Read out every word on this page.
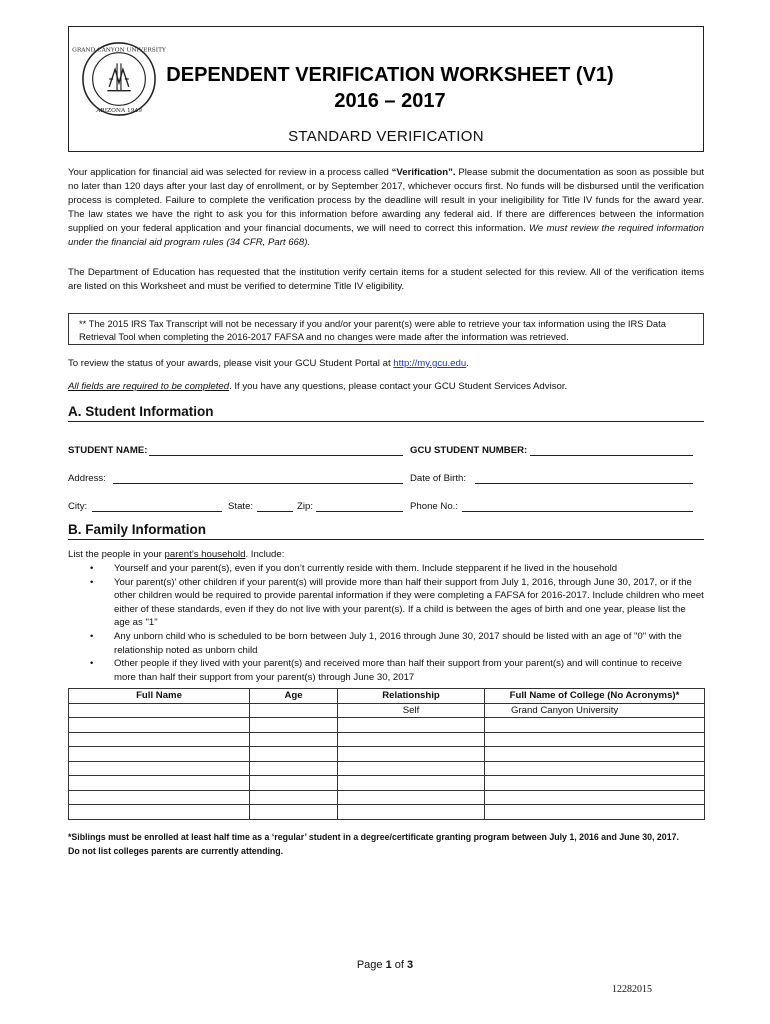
GRAND CANYON UNIVERSITY
ARIZONA 1949
DEPENDENT VERIFICATION WORKSHEET (V1)
2016 – 2017
STANDARD VERIFICATION
Your application for financial aid was selected for review in a process called “Verification”. Please submit the documentation as soon as possible but no later than 120 days after your last day of enrollment, or by September 2017, whichever occurs first. No funds will be disbursed until the verification process is completed. Failure to complete the verification process by the deadline will result in your ineligibility for Title IV funds for the award year. The law states we have the right to ask you for this information before awarding any federal aid. If there are differences between the information supplied on your federal application and your financial documents, we will need to correct this information. We must review the required information under the financial aid program rules (34 CFR, Part 668).
The Department of Education has requested that the institution verify certain items for a student selected for this review. All of the verification items are listed on this Worksheet and must be verified to determine Title IV eligibility.
** The 2015 IRS Tax Transcript will not be necessary if you and/or your parent(s) were able to retrieve your tax information using the IRS Data Retrieval Tool when completing the 2016-2017 FAFSA and no changes were made after the information was retrieved.
To review the status of your awards, please visit your GCU Student Portal at http://my.gcu.edu.
All fields are required to be completed. If you have any questions, please contact your GCU Student Services Advisor.
A. Student Information
STUDENT NAME:	GCU STUDENT NUMBER:
Address:	Date of Birth:
City:	State:	Zip:	Phone No.:
B. Family Information
List the people in your parent’s household. Include:
• Yourself and your parent(s), even if you don’t currently reside with them. Include stepparent if he lived in the household
• Your parent(s)’ other children if your parent(s) will provide more than half their support from July 1, 2016, through June 30, 2017, or if the other children would be required to provide parental information if they were completing a FAFSA for 2016-2017. Include children who meet either of these standards, even if they do not live with your parent(s). If a child is between the ages of birth and one year, please list the age as "1"
• Any unborn child who is scheduled to be born between July 1, 2016 through June 30, 2017 should be listed with an age of "0" with the relationship noted as unborn child
• Other people if they lived with your parent(s) and received more than half their support from your parent(s) and will continue to receive more than half their support from your parent(s) through June 30, 2017
Full Name	Age	Relationship	Full Name of College (No Acronyms)*
		Self	Grand Canyon University

*Siblings must be enrolled at least half time as a ‘regular’ student in a degree/certificate granting program between July 1, 2016 and June 30, 2017.
Do not list colleges parents are currently attending.
Page 1 of 3
12282015
